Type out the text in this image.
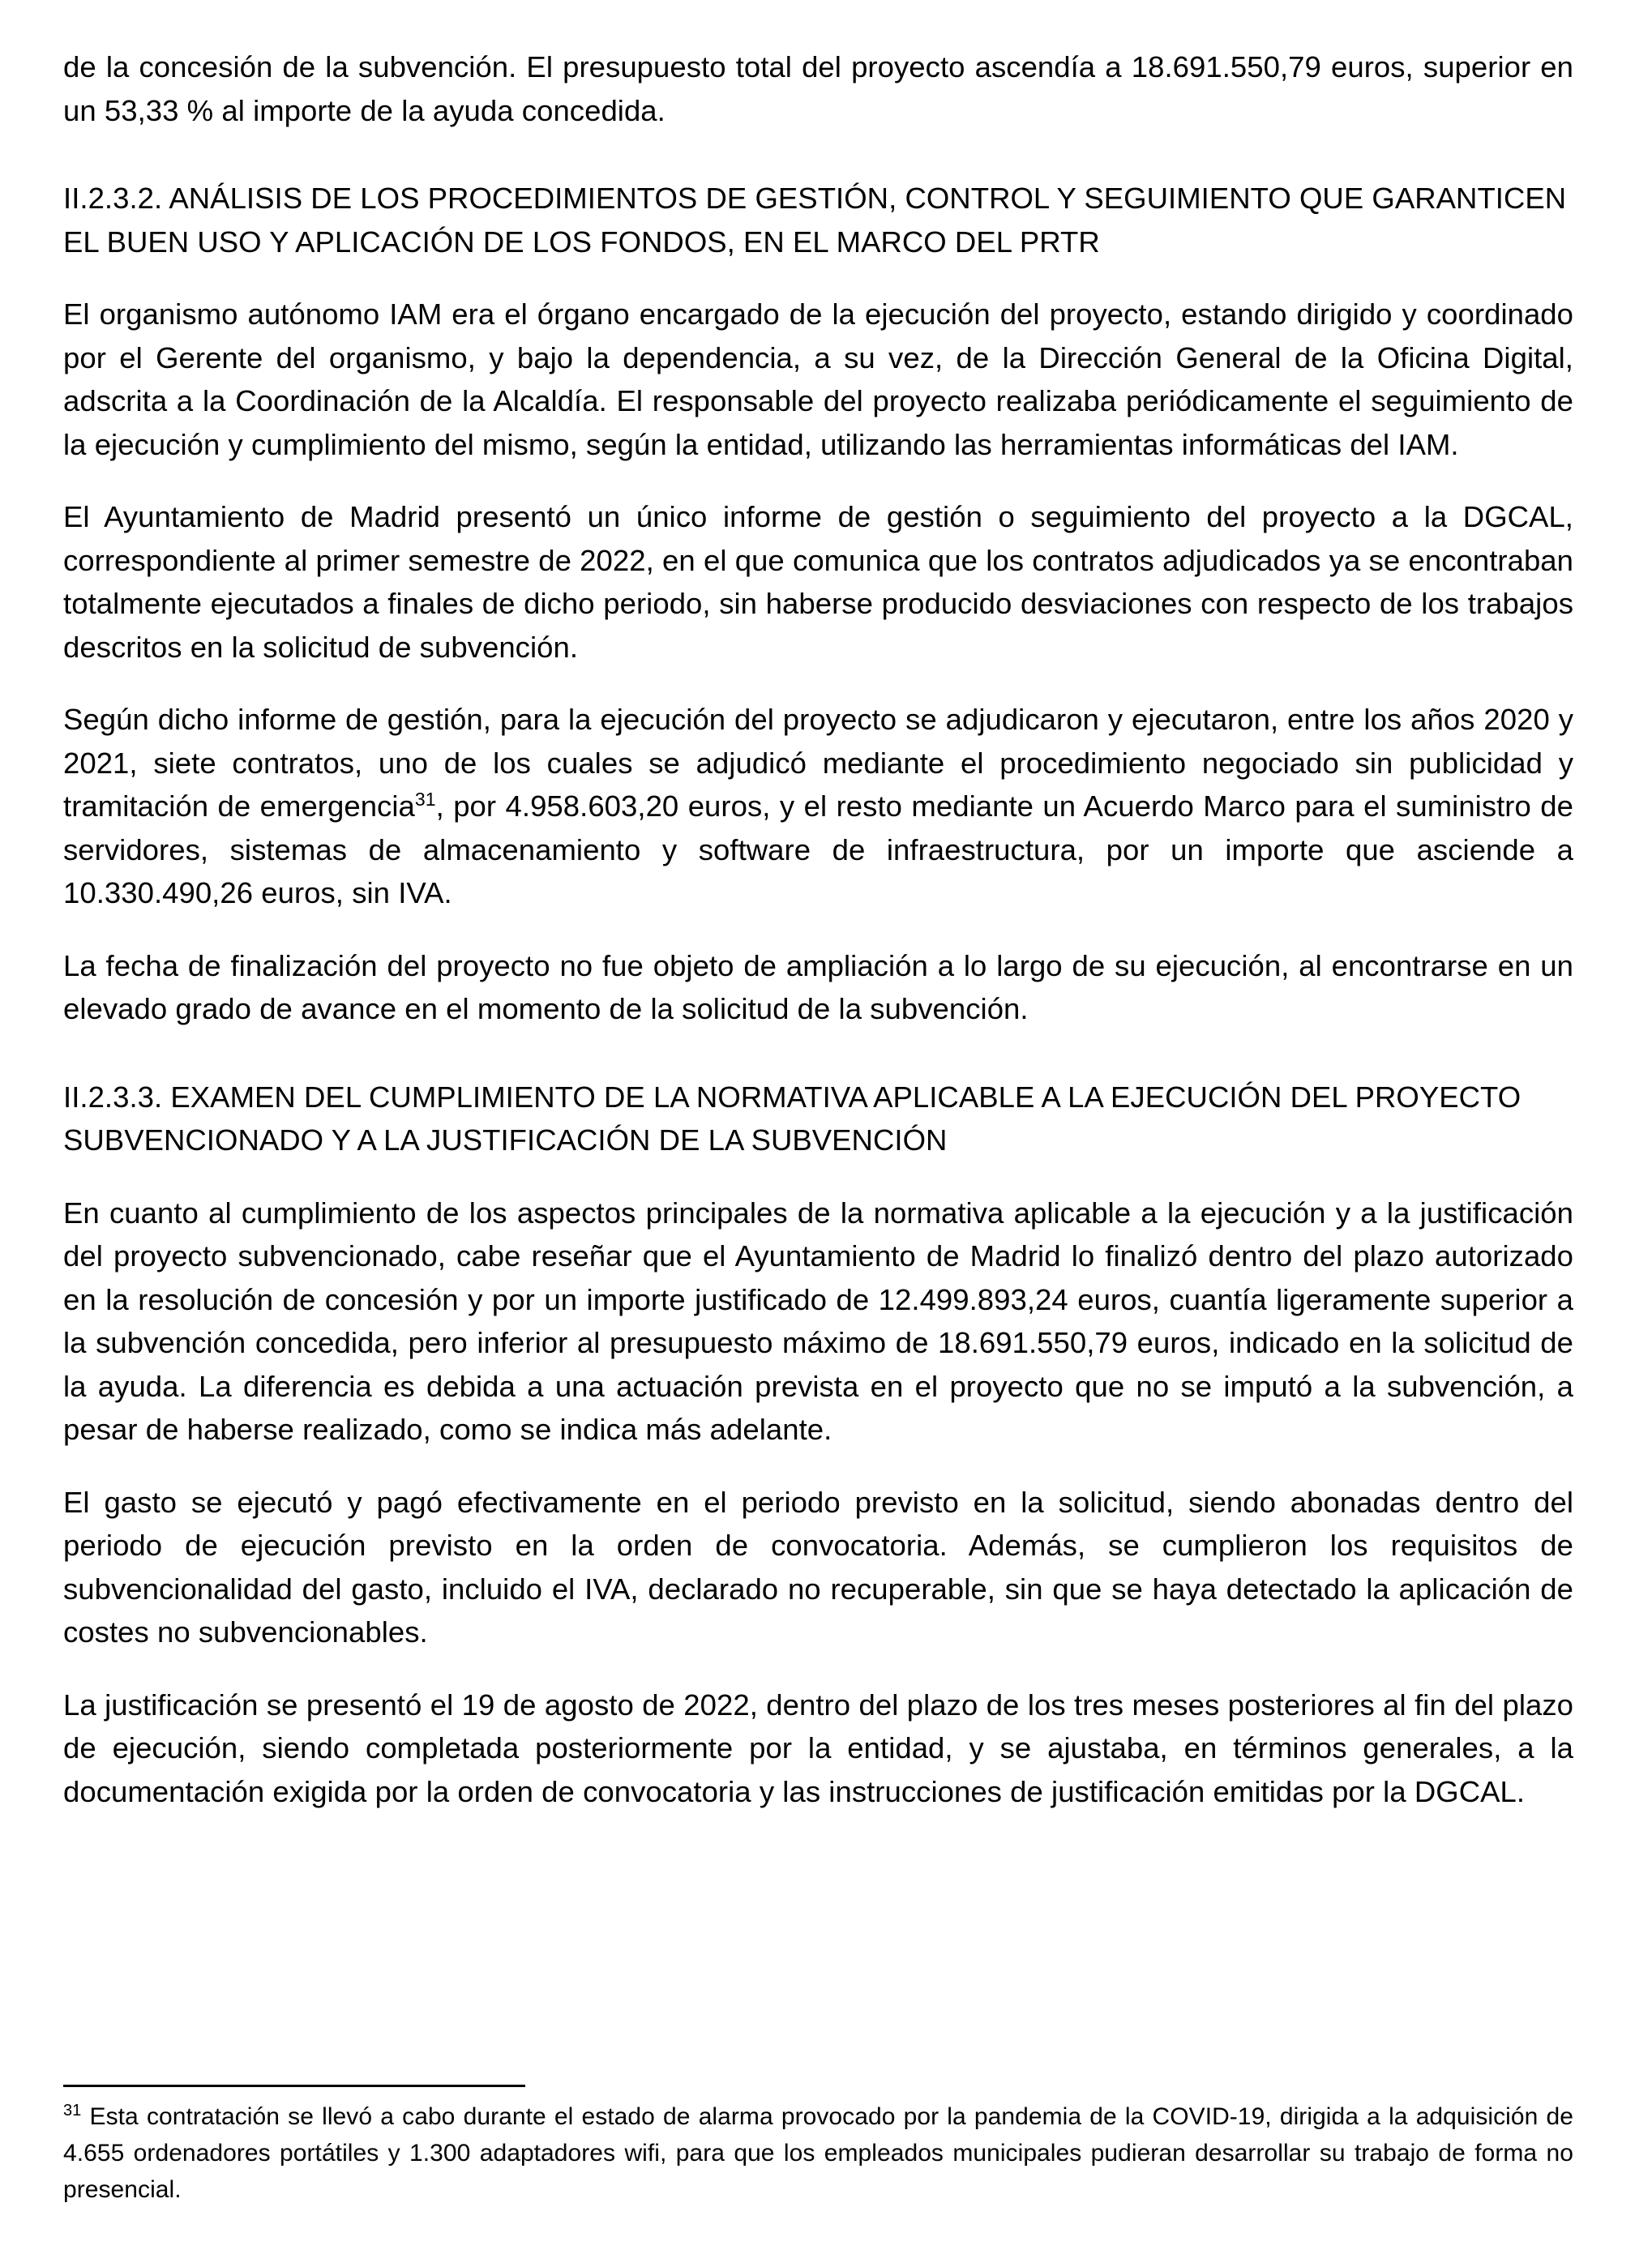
de la concesión de la subvención. El presupuesto total del proyecto ascendía a 18.691.550,79 euros, superior en un 53,33 % al importe de la ayuda concedida.

II.2.3.2. ANÁLISIS DE LOS PROCEDIMIENTOS DE GESTIÓN, CONTROL Y SEGUIMIENTO QUE GARANTICEN EL BUEN USO Y APLICACIÓN DE LOS FONDOS, EN EL MARCO DEL PRTR

El organismo autónomo IAM era el órgano encargado de la ejecución del proyecto, estando dirigido y coordinado por el Gerente del organismo, y bajo la dependencia, a su vez, de la Dirección General de la Oficina Digital, adscrita a la Coordinación de la Alcaldía. El responsable del proyecto realizaba periódicamente el seguimiento de la ejecución y cumplimiento del mismo, según la entidad, utilizando las herramientas informáticas del IAM.

El Ayuntamiento de Madrid presentó un único informe de gestión o seguimiento del proyecto a la DGCAL, correspondiente al primer semestre de 2022, en el que comunica que los contratos adjudicados ya se encontraban totalmente ejecutados a finales de dicho periodo, sin haberse producido desviaciones con respecto de los trabajos descritos en la solicitud de subvención.

Según dicho informe de gestión, para la ejecución del proyecto se adjudicaron y ejecutaron, entre los años 2020 y 2021, siete contratos, uno de los cuales se adjudicó mediante el procedimiento negociado sin publicidad y tramitación de emergencia$^{31}$, por 4.958.603,20 euros, y el resto mediante un Acuerdo Marco para el suministro de servidores, sistemas de almacenamiento y software de infraestructura, por un importe que asciende a 10.330.490,26 euros, sin IVA.

La fecha de finalización del proyecto no fue objeto de ampliación a lo largo de su ejecución, al encontrarse en un elevado grado de avance en el momento de la solicitud de la subvención.

II.2.3.3. EXAMEN DEL CUMPLIMIENTO DE LA NORMATIVA APLICABLE A LA EJECUCIÓN DEL PROYECTO SUBVENCIONADO Y A LA JUSTIFICACIÓN DE LA SUBVENCIÓN

En cuanto al cumplimiento de los aspectos principales de la normativa aplicable a la ejecución y a la justificación del proyecto subvencionado, cabe reseñar que el Ayuntamiento de Madrid lo finalizó dentro del plazo autorizado en la resolución de concesión y por un importe justificado de 12.499.893,24 euros, cuantía ligeramente superior a la subvención concedida, pero inferior al presupuesto máximo de 18.691.550,79 euros, indicado en la solicitud de la ayuda. La diferencia es debida a una actuación prevista en el proyecto que no se imputó a la subvención, a pesar de haberse realizado, como se indica más adelante.

El gasto se ejecutó y pagó efectivamente en el periodo previsto en la solicitud, siendo abonadas dentro del periodo de ejecución previsto en la orden de convocatoria. Además, se cumplieron los requisitos de subvencionalidad del gasto, incluido el IVA, declarado no recuperable, sin que se haya detectado la aplicación de costes no subvencionables.

La justificación se presentó el 19 de agosto de 2022, dentro del plazo de los tres meses posteriores al fin del plazo de ejecución, siendo completada posteriormente por la entidad, y se ajustaba, en términos generales, a la documentación exigida por la orden de convocatoria y las instrucciones de justificación emitidas por la DGCAL.

$^{31}$ Esta contratación se llevó a cabo durante el estado de alarma provocado por la pandemia de la COVID-19, dirigida a la adquisición de 4.655 ordenadores portátiles y 1.300 adaptadores wifi, para que los empleados municipales pudieran desarrollar su trabajo de forma no presencial.
